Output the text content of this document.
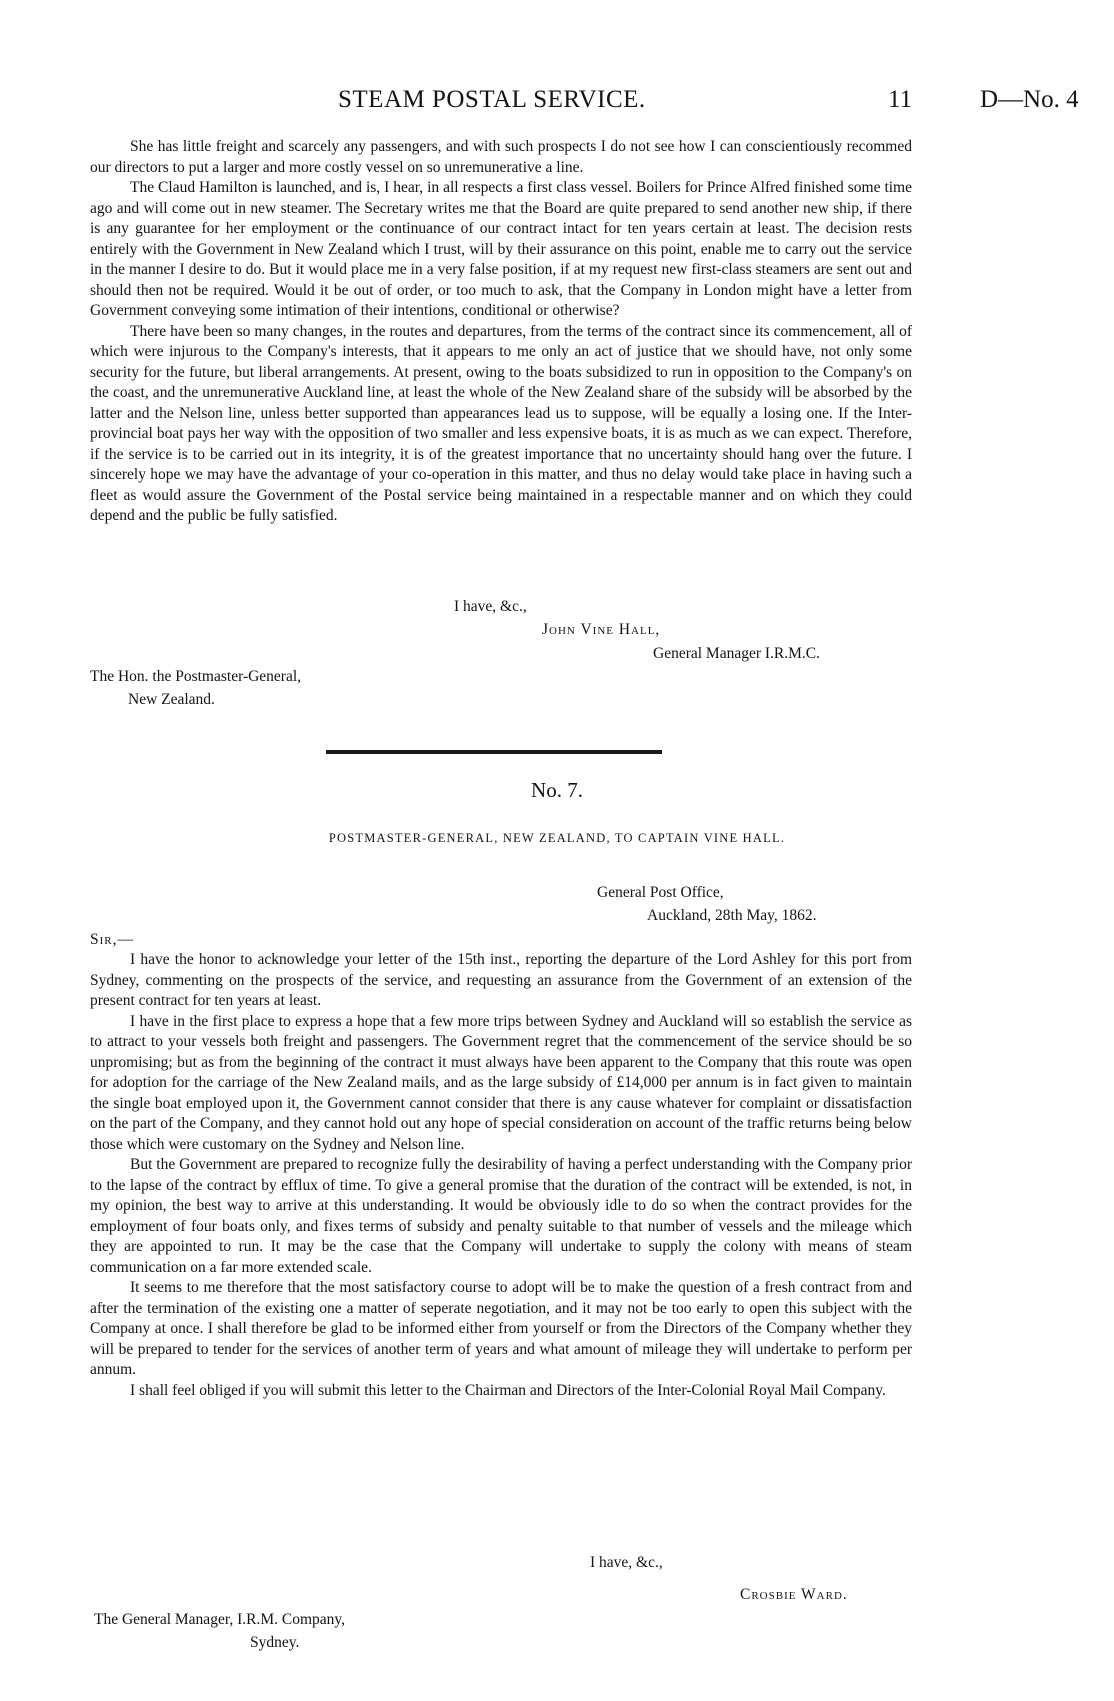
STEAM POSTAL SERVICE.	11	D—No. 4

She has little freight and scarcely any passengers, and with such prospects I do not see how I can conscientiously recommed our directors to put a larger and more costly vessel on so unremunerative a line.

The Claud Hamilton is launched, and is, I hear, in all respects a first class vessel. Boilers for Prince Alfred finished some time ago and will come out in new steamer. The Secretary writes me that the Board are quite prepared to send another new ship, if there is any guarantee for her employment or the continuance of our contract intact for ten years certain at least. The decision rests entirely with the Government in New Zealand which I trust, will by their assurance on this point, enable me to carry out the service in the manner I desire to do. But it would place me in a very false position, if at my request new first-class steamers are sent out and should then not be required. Would it be out of order, or too much to ask, that the Company in London might have a letter from Government conveying some intimation of their intentions, conditional or otherwise?

There have been so many changes, in the routes and departures, from the terms of the contract since its commencement, all of which were injurous to the Company's interests, that it appears to me only an act of justice that we should have, not only some security for the future, but liberal arrangements. At present, owing to the boats subsidized to run in opposition to the Company's on the coast, and the unremunerative Auckland line, at least the whole of the New Zealand share of the subsidy will be absorbed by the latter and the Nelson line, unless better supported than appearances lead us to suppose, will be equally a losing one. If the Inter-provincial boat pays her way with the opposition of two smaller and less expensive boats, it is as much as we can expect. Therefore, if the service is to be carried out in its integrity, it is of the greatest importance that no uncertainty should hang over the future. I sincerely hope we may have the advantage of your co-operation in this matter, and thus no delay would take place in having such a fleet as would assure the Government of the Postal service being maintained in a respectable manner and on which they could depend and the public be fully satisfied.

I have, &c.,
John Vine Hall,
General Manager I.R.M.C.
The Hon. the Postmaster-General,
New Zealand.
No. 7.
POSTMASTER-GENERAL, NEW ZEALAND, TO CAPTAIN VINE HALL.
General Post Office,
Auckland, 28th May, 1862.
Sir,—

I have the honor to acknowledge your letter of the 15th inst., reporting the departure of the Lord Ashley for this port from Sydney, commenting on the prospects of the service, and requesting an assurance from the Government of an extension of the present contract for ten years at least.

I have in the first place to express a hope that a few more trips between Sydney and Auckland will so establish the service as to attract to your vessels both freight and passengers. The Government regret that the commencement of the service should be so unpromising; but as from the beginning of the contract it must always have been apparent to the Company that this route was open for adoption for the carriage of the New Zealand mails, and as the large subsidy of £14,000 per annum is in fact given to maintain the single boat employed upon it, the Government cannot consider that there is any cause whatever for complaint or dissatisfaction on the part of the Company, and they cannot hold out any hope of special consideration on account of the traffic returns being below those which were customary on the Sydney and Nelson line.

But the Government are prepared to recognize fully the desirability of having a perfect understanding with the Company prior to the lapse of the contract by efflux of time. To give a general promise that the duration of the contract will be extended, is not, in my opinion, the best way to arrive at this understanding. It would be obviously idle to do so when the contract provides for the employment of four boats only, and fixes terms of subsidy and penalty suitable to that number of vessels and the mileage which they are appointed to run. It may be the case that the Company will undertake to supply the colony with means of steam communication on a far more extended scale.

It seems to me therefore that the most satisfactory course to adopt will be to make the question of a fresh contract from and after the termination of the existing one a matter of seperate negotiation, and it may not be too early to open this subject with the Company at once. I shall therefore be glad to be informed either from yourself or from the Directors of the Company whether they will be prepared to tender for the services of another term of years and what amount of mileage they will undertake to perform per annum.

I shall feel obliged if you will submit this letter to the Chairman and Directors of the Inter-Colonial Royal Mail Company.

I have, &c.,
Crosbie Ward.
The General Manager, I.R.M. Company,
Sydney.
